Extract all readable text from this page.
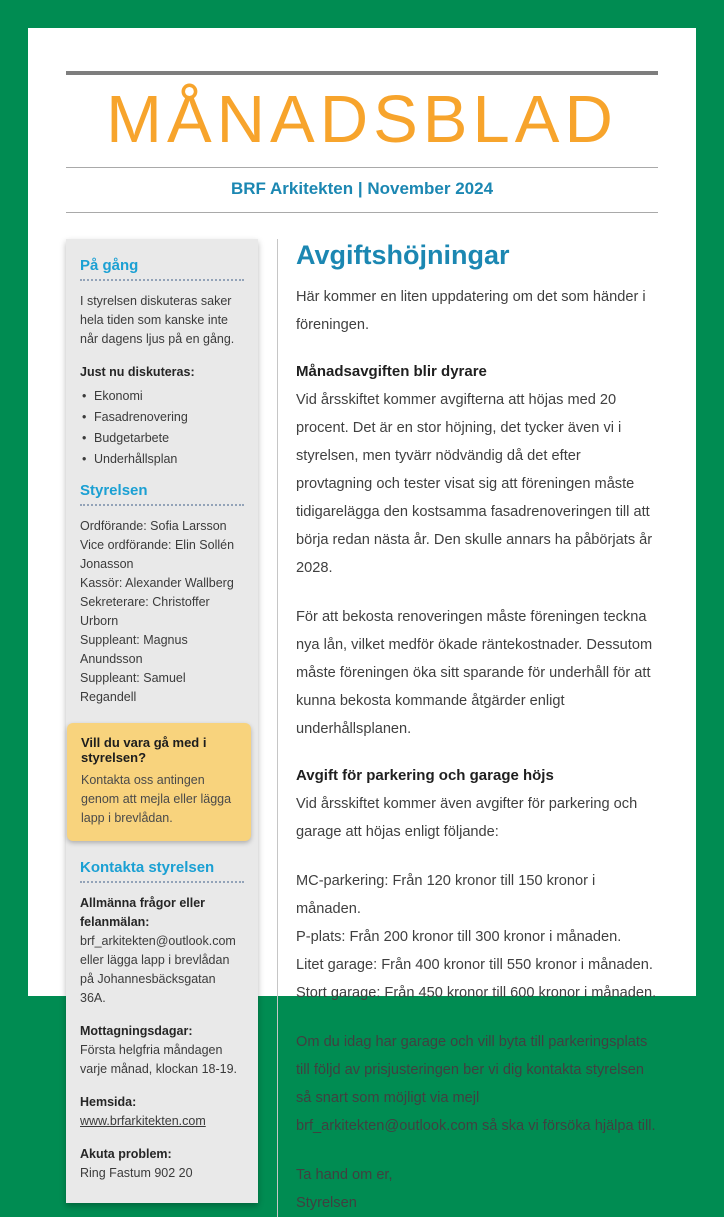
MÅNADSBLAD
BRF Arkitekten | November 2024
På gång

I styrelsen diskuteras saker hela tiden som kanske inte når dagens ljus på en gång.

Just nu diskuteras:
• Ekonomi
• Fasadrenovering
• Budgetarbete
• Underhållsplan
Styrelsen
Ordförande: Sofia Larsson
Vice ordförande: Elin Sollén Jonasson
Kassör: Alexander Wallberg
Sekreterare: Christoffer Urborn
Suppleant: Magnus Anundsson
Suppleant: Samuel Regandell

Vill du vara gå med i styrelsen?

Kontakta oss antingen genom att mejla eller lägga lapp i brevlådan.

Kontakta styrelsen
Allmänna frågor eller felanmälan:

brf_arkitekten@outlook.com eller lägga lapp i brevlådan på Johannesbäcksgatan 36A.

Mottagningsdagar:

Första helgfria måndagen varje månad, klockan 18-19.

Hemsida:

www.brfarkitekten.com

Akuta problem:

Ring Fastum 902 20

Avgiftshöjningar

Här kommer en liten uppdatering om det som händer i föreningen.

Månadsavgiften blir dyrare

Vid årsskiftet kommer avgifterna att höjas med 20 procent. Det är en stor höjning, det tycker även vi i styrelsen, men tyvärr nödvändig då det efter provtagning och tester visat sig att föreningen måste tidigarelägga den kostsamma fasadrenoveringen till att börja redan nästa år. Den skulle annars ha påbörjats år 2028.

För att bekosta renoveringen måste föreningen teckna nya lån, vilket medför ökade räntekostnader. Dessutom måste föreningen öka sitt sparande för underhåll för att kunna bekosta kommande åtgärder enligt underhållsplanen.

Avgift för parkering och garage höjs

Vid årsskiftet kommer även avgifter för parkering och garage att höjas enligt följande:

MC-parkering: Från 120 kronor till 150 kronor i månaden.
P-plats: Från 200 kronor till 300 kronor i månaden.
Litet garage: Från 400 kronor till 550 kronor i månaden.
Stort garage: Från 450 kronor till 600 kronor i månaden.

Om du idag har garage och vill byta till parkeringsplats till följd av prisjusteringen ber vi dig kontakta styrelsen så snart som möjligt via mejl brf_arkitekten@outlook.com så ska vi försöka hjälpa till.

Ta hand om er,
Styrelsen
